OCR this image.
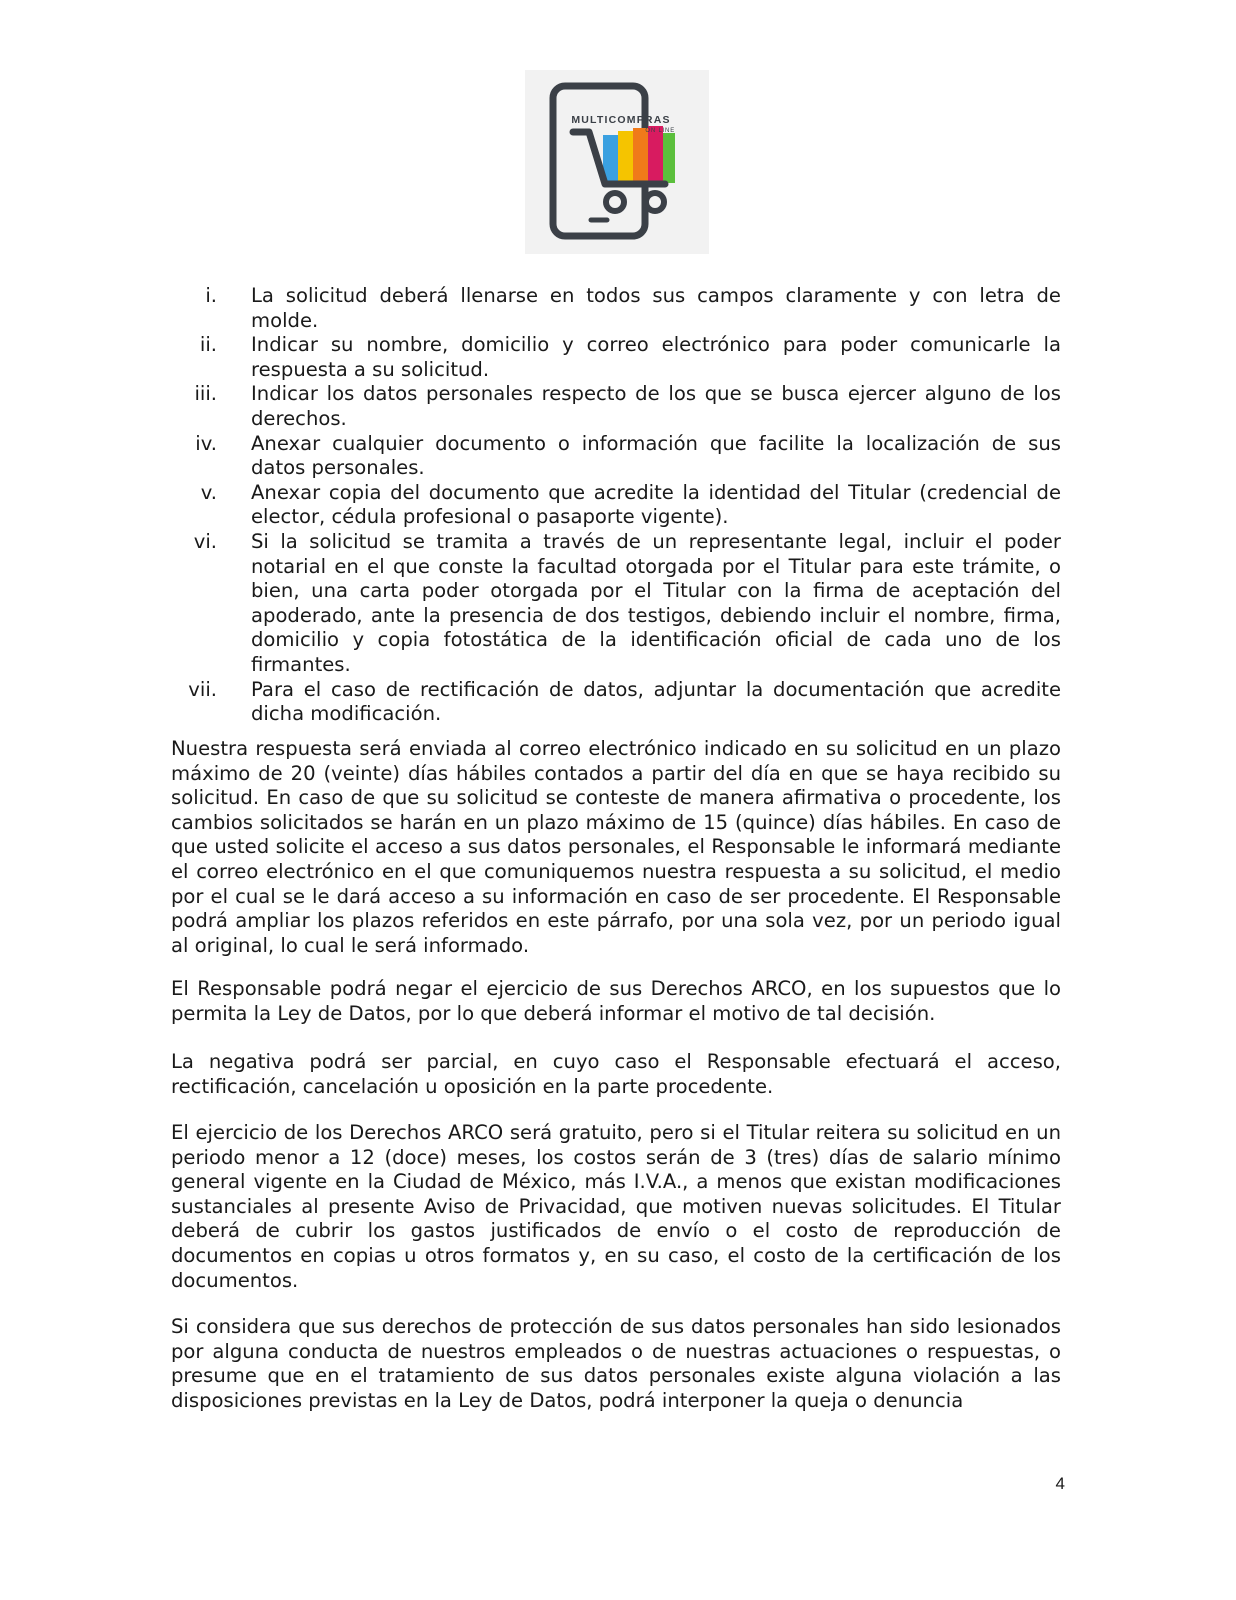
MULTICOMPRAS
ON LINE
i.	La solicitud deberá llenarse en todos sus campos claramente y con letra de molde.
ii.	Indicar su nombre, domicilio y correo electrónico para poder comunicarle la respuesta a su solicitud.
iii.	Indicar los datos personales respecto de los que se busca ejercer alguno de los derechos.
iv.	Anexar cualquier documento o información que facilite la localización de sus datos personales.
v.	Anexar copia del documento que acredite la identidad del Titular (credencial de elector, cédula profesional o pasaporte vigente).
vi.	Si la solicitud se tramita a través de un representante legal, incluir el poder notarial en el que conste la facultad otorgada por el Titular para este trámite, o bien, una carta poder otorgada por el Titular con la firma de aceptación del apoderado, ante la presencia de dos testigos, debiendo incluir el nombre, firma, domicilio y copia fotostática de la identificación oficial de cada uno de los firmantes.
vii.	Para el caso de rectificación de datos, adjuntar la documentación que acredite dicha modificación.

Nuestra respuesta será enviada al correo electrónico indicado en su solicitud en un plazo máximo de 20 (veinte) días hábiles contados a partir del día en que se haya recibido su solicitud. En caso de que su solicitud se conteste de manera afirmativa o procedente, los cambios solicitados se harán en un plazo máximo de 15 (quince) días hábiles. En caso de que usted solicite el acceso a sus datos personales, el Responsable le informará mediante el correo electrónico en el que comuniquemos nuestra respuesta a su solicitud, el medio por el cual se le dará acceso a su información en caso de ser procedente. El Responsable podrá ampliar los plazos referidos en este párrafo, por una sola vez, por un periodo igual al original, lo cual le será informado.

El Responsable podrá negar el ejercicio de sus Derechos ARCO, en los supuestos que lo permita la Ley de Datos, por lo que deberá informar el motivo de tal decisión.

La negativa podrá ser parcial, en cuyo caso el Responsable efectuará el acceso, rectificación, cancelación u oposición en la parte procedente.

El ejercicio de los Derechos ARCO será gratuito, pero si el Titular reitera su solicitud en un periodo menor a 12 (doce) meses, los costos serán de 3 (tres) días de salario mínimo general vigente en la Ciudad de México, más I.V.A., a menos que existan modificaciones sustanciales al presente Aviso de Privacidad, que motiven nuevas solicitudes. El Titular deberá de cubrir los gastos justificados de envío o el costo de reproducción de documentos en copias u otros formatos y, en su caso, el costo de la certificación de los documentos.

Si considera que sus derechos de protección de sus datos personales han sido lesionados por alguna conducta de nuestros empleados o de nuestras actuaciones o respuestas, o presume que en el tratamiento de sus datos personales existe alguna violación a las disposiciones previstas en la Ley de Datos, podrá interponer la queja o denuncia

4
